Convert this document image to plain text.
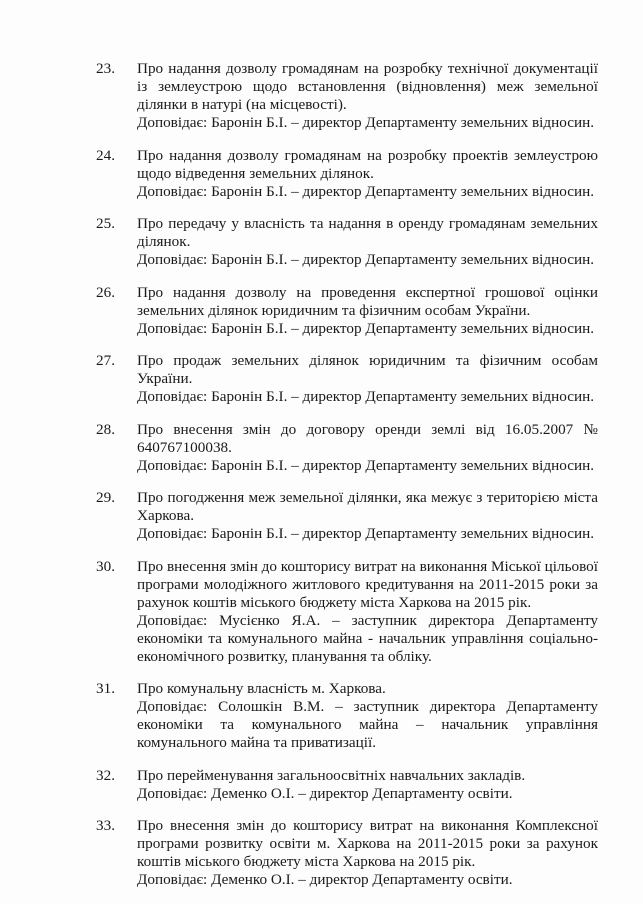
23.	Про надання дозволу громадянам на розробку технічної документації із землеустрою щодо встановлення (відновлення) меж земельної ділянки в натурі (на місцевості).
Доповідає: Баронін Б.І. – директор Департаменту земельних відносин.
24.	Про надання дозволу громадянам на розробку проектів землеустрою щодо відведення земельних ділянок.
Доповідає: Баронін Б.І. – директор Департаменту земельних відносин.
25.	Про передачу у власність та надання в оренду громадянам земельних ділянок.
Доповідає: Баронін Б.І. – директор Департаменту земельних відносин.
26.	Про надання дозволу на проведення експертної грошової оцінки земельних ділянок юридичним та фізичним особам України.
Доповідає: Баронін Б.І. – директор Департаменту земельних відносин.
27.	Про продаж земельних ділянок юридичним та фізичним особам України.
Доповідає: Баронін Б.І. – директор Департаменту земельних відносин.
28.	Про внесення змін до договору оренди землі від 16.05.2007 № 640767100038.
Доповідає: Баронін Б.І. – директор Департаменту земельних відносин.
29.	Про погодження меж земельної ділянки, яка межує з територією міста Харкова.
Доповідає: Баронін Б.І. – директор Департаменту земельних відносин.
30.	Про внесення змін до кошторису витрат на виконання Міської цільової програми молодіжного житлового кредитування на 2011-2015 роки за рахунок коштів міського бюджету міста Харкова на 2015 рік.
Доповідає: Мусієнко Я.А. – заступник директора Департаменту економіки та комунального майна - начальник управління соціально-економічного розвитку, планування та обліку.
31.	Про комунальну власність м. Харкова.
Доповідає: Солошкін В.М. – заступник директора Департаменту економіки та комунального майна – начальник управління комунального майна та приватизації.
32.	Про перейменування загальноосвітніх навчальних закладів.
Доповідає: Деменко О.І. – директор Департаменту освіти.
33.	Про внесення змін до кошторису витрат на виконання Комплексної програми розвитку освіти м. Харкова на 2011-2015 роки за рахунок коштів міського бюджету міста Харкова на 2015 рік.
Доповідає: Деменко О.І. – директор Департаменту освіти.
